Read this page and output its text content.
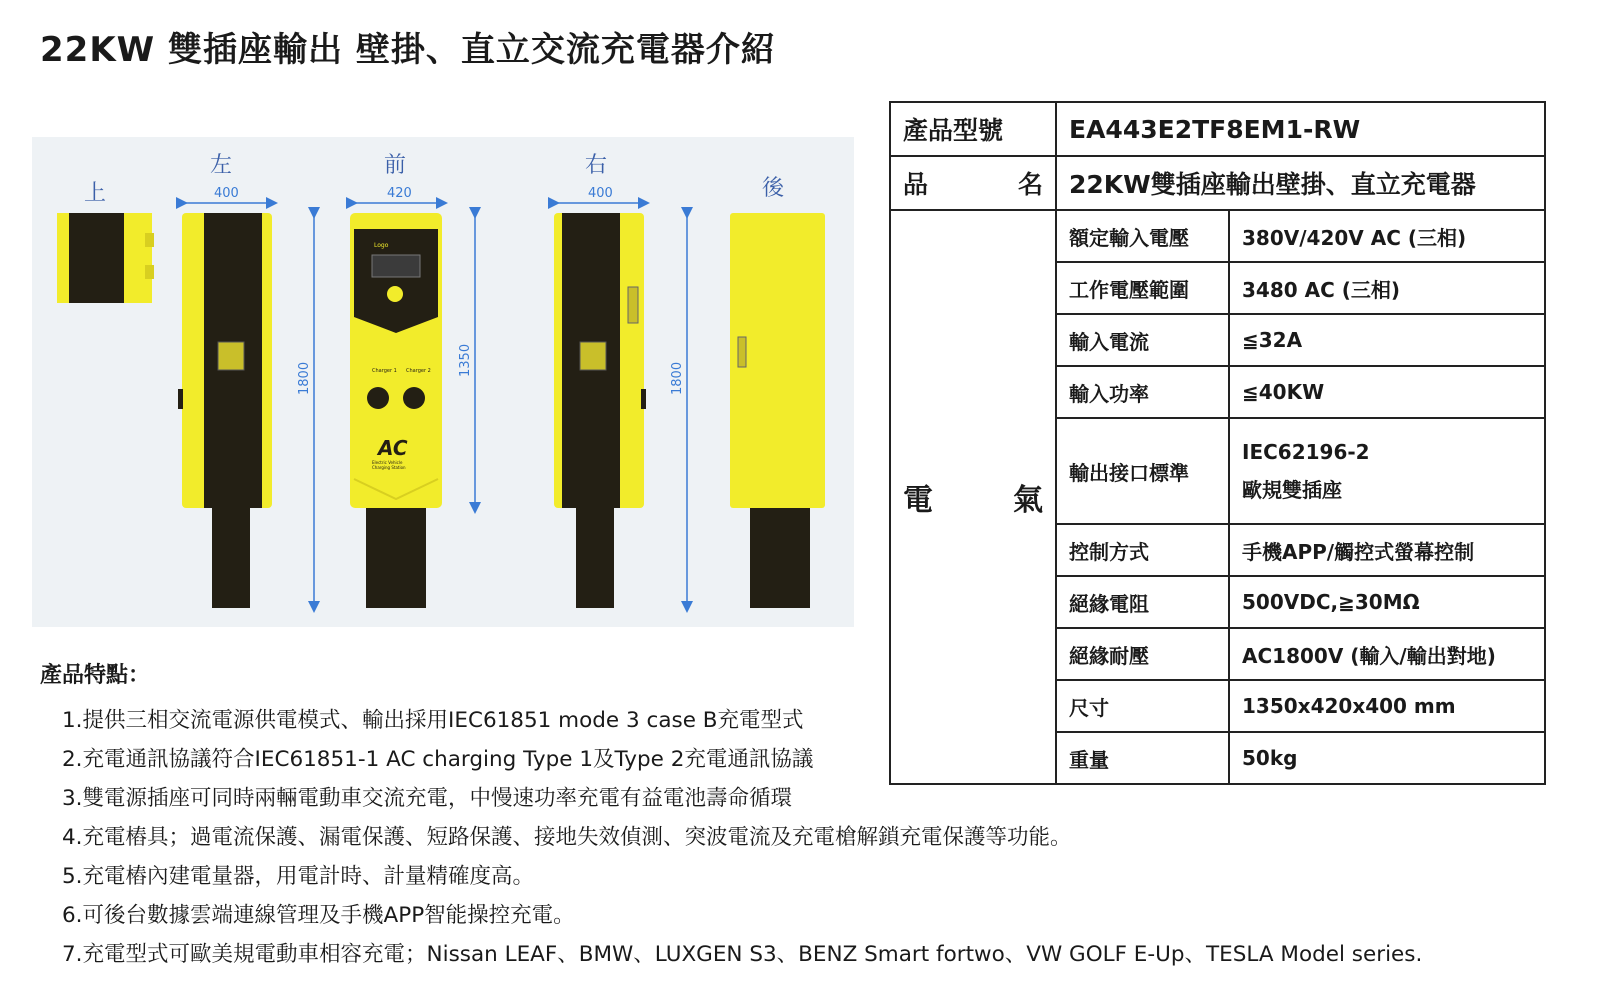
22KW 雙插座輸出 壁掛、直立交流充電器介紹
上
左	前	右
後
400
1800
420
Logo
Charger 1 Charger 2
AC
Electric Vehicle
Charging Station
1350
400
1800
產品特點：
1.提供三相交流電源供電模式、輸出採用IEC61851 mode 3 case B充電型式
2.充電通訊協議符合IEC61851-1 AC charging Type 1及Type 2充電通訊協議
3.雙電源插座可同時兩輛電動車交流充電，中慢速功率充電有益電池壽命循環
4.充電樁具；過電流保護、漏電保護、短路保護、接地失效偵測、突波電流及充電槍解鎖充電保護等功能。
5.充電樁內建電量器，用電計時、計量精確度高。
6.可後台數據雲端連線管理及手機APP智能操控充電。
7.充電型式可歐美規電動車相容充電；Nissan LEAF、BMW、LUXGEN S3、BENZ Smart fortwo、VW GOLF E-Up、TESLA Model series.
產品型號	EA443E2TF8EM1-RW	

品 名	22KW雙插座輸出壁掛、直立充電器	

電 氣	額定輸入電壓	380V/420V AC (三相)
	工作電壓範圍	3480 AC (三相)
	輸入電流	≦32A
	輸入功率	≦40KW
	輸出接口標準	IEC62196-2
歐規雙插座

	控制方式	手機APP/觸控式螢幕控制
	絕緣電阻	500VDC,≧30MΩ
	絕緣耐壓	AC1800V (輸入/輸出對地)
	尺寸	1350x420x400 mm
	重量	50kg
